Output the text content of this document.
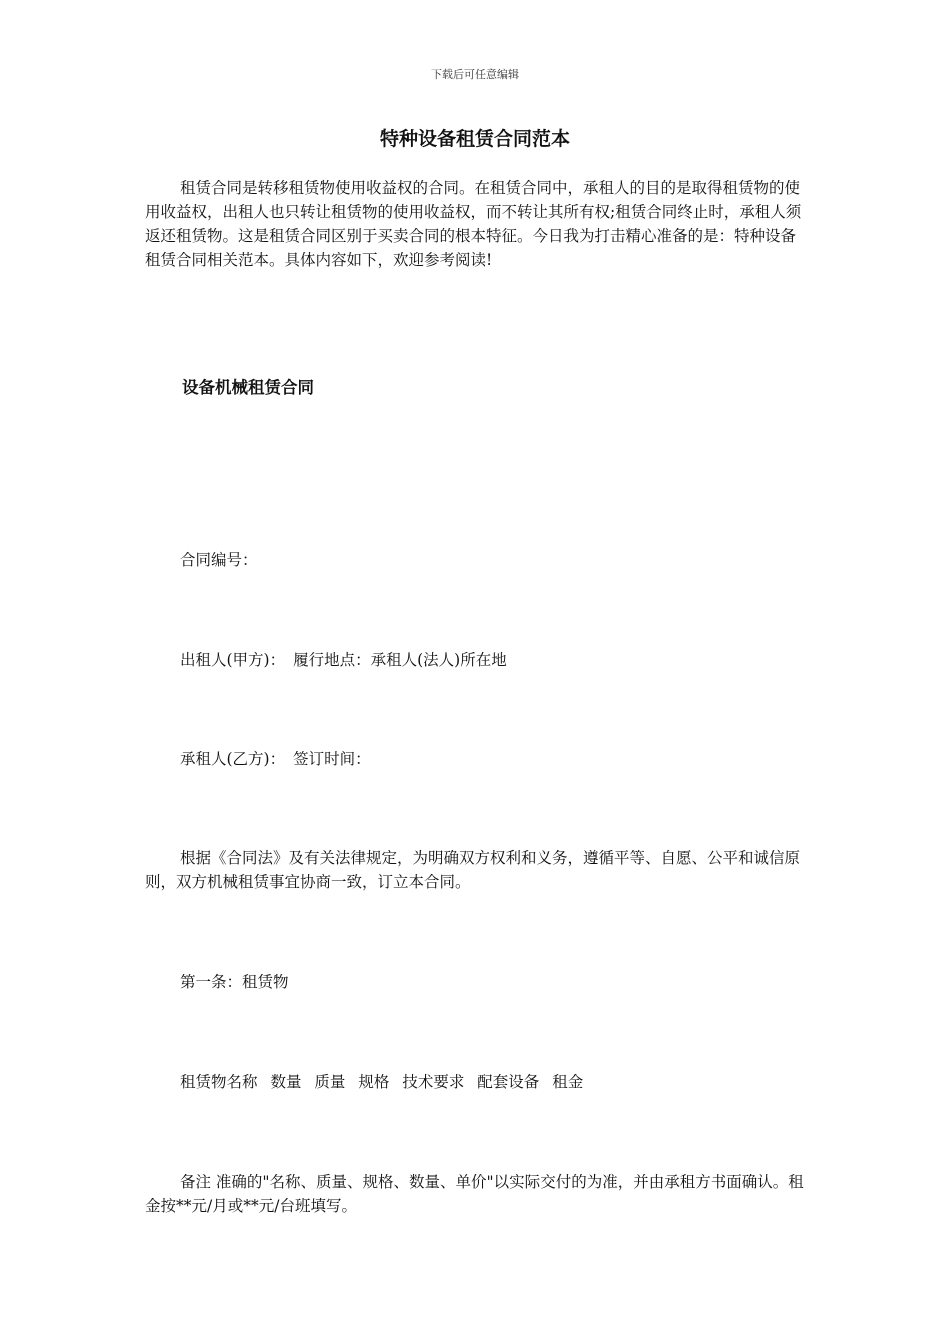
下载后可任意编辑
特种设备租赁合同范本

租赁合同是转移租赁物使用收益权的合同。在租赁合同中，承租人的目的是取得租赁物的使用收益权，出租人也只转让租赁物的使用收益权，而不转让其所有权;租赁合同终止时，承租人须返还租赁物。这是租赁合同区别于买卖合同的根本特征。今日我为打击精心准备的是：特种设备租赁合同相关范本。具体内容如下，欢迎参考阅读!

设备机械租赁合同

合同编号：

出租人(甲方)： 履行地点：承租人(法人)所在地

承租人(乙方)： 签订时间：

根据《合同法》及有关法律规定，为明确双方权利和义务，遵循平等、自愿、公平和诚信原则，双方机械租赁事宜协商一致，订立本合同。

第一条：租赁物

租赁物名称 数量 质量 规格 技术要求 配套设备 租金

备注 准确的"名称、质量、规格、数量、单价"以实际交付的为准，并由承租方书面确认。租金按**元/月或**元/台班填写。
